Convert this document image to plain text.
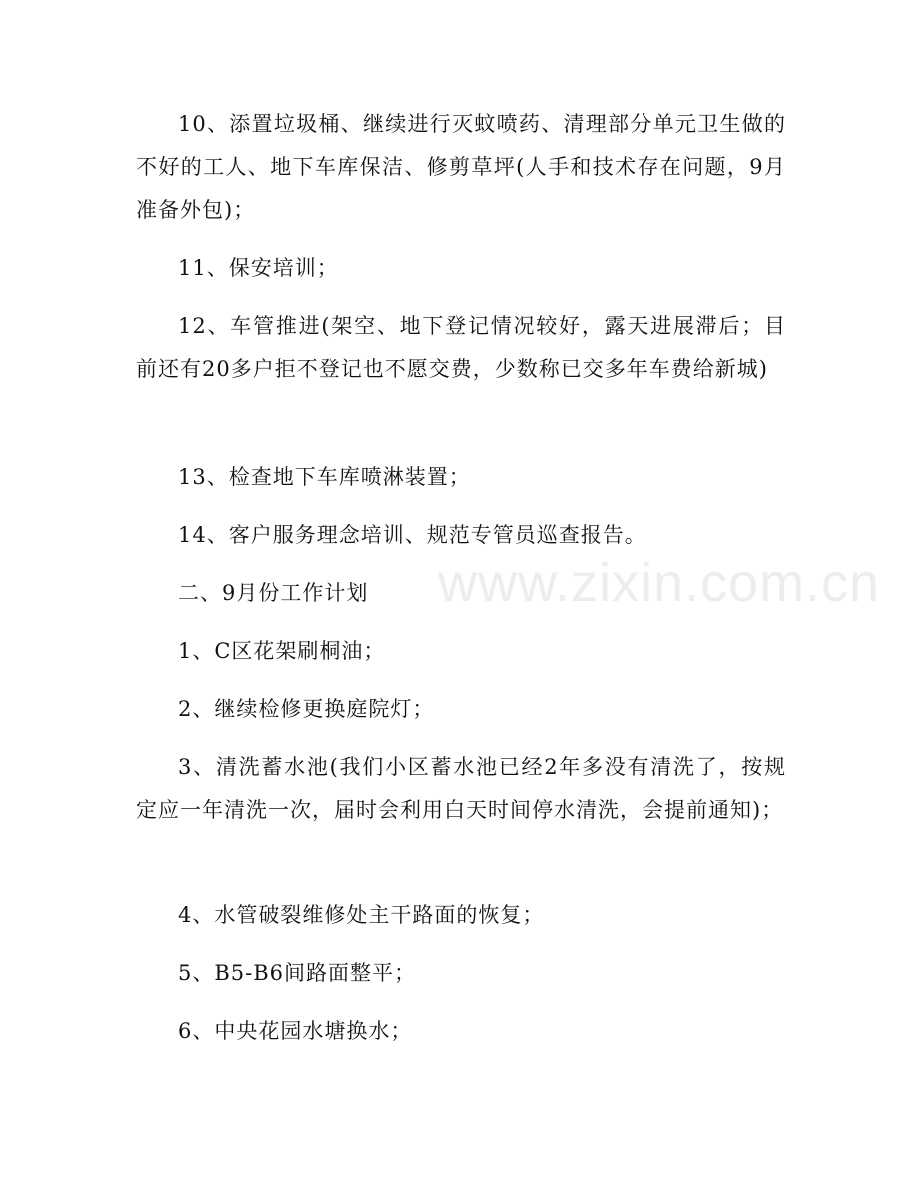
www.zixin.com.cn

10、添置垃圾桶、继续进行灭蚊喷药、清理部分单元卫生做的不好的工人、地下车库保洁、修剪草坪(人手和技术存在问题，9月准备外包)；

11、保安培训；

12、车管推进(架空、地下登记情况较好，露天进展滞后；目前还有20多户拒不登记也不愿交费，少数称已交多年车费给新城)

13、检查地下车库喷淋装置；

14、客户服务理念培训、规范专管员巡查报告。

二、9月份工作计划

1、C区花架刷桐油；

2、继续检修更换庭院灯；

3、清洗蓄水池(我们小区蓄水池已经2年多没有清洗了，按规定应一年清洗一次，届时会利用白天时间停水清洗，会提前通知)；

4、水管破裂维修处主干路面的恢复；

5、B5-B6间路面整平；

6、中央花园水塘换水；
